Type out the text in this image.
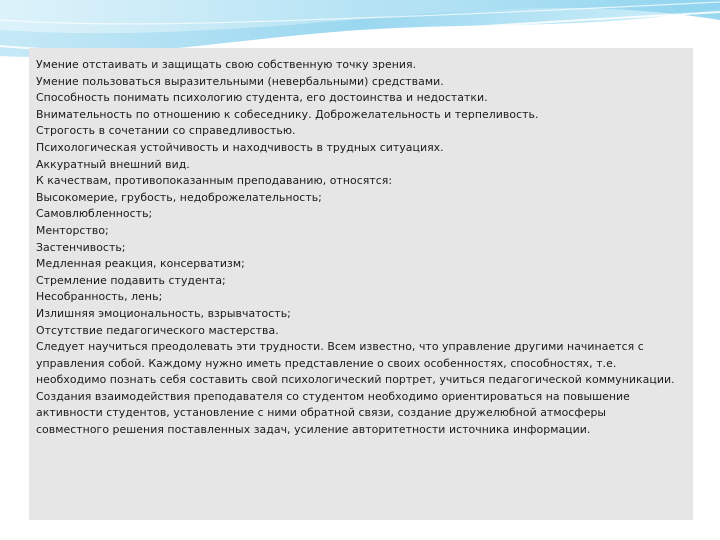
Умение отстаивать и защищать свою собственную точку зрения.
Умение пользоваться выразительными (невербальными) средствами.
Способность понимать психологию студента, его достоинства и недостатки.
Внимательность по отношению к собеседнику. Доброжелательность и терпеливость.
Строгость в сочетании со справедливостью.
Психологическая устойчивость и находчивость в трудных ситуациях.
Аккуратный внешний вид.
К качествам, противопоказанным преподаванию, относятся:
Высокомерие, грубость, недоброжелательность;
Самовлюбленность;
Менторство;
Застенчивость;
Медленная реакция, консерватизм;
Стремление подавить студента;
Несобранность, лень;
Излишняя эмоциональность, взрывчатость;
Отсутствие педагогического мастерства.
Следует научиться преодолевать эти трудности. Всем известно, что управление другими начинается с
управления собой. Каждому нужно иметь представление о своих особенностях, способностях, т.е.
необходимо познать себя составить свой психологический портрет, учиться педагогической коммуникации.
Создания взаимодействия преподавателя со студентом необходимо ориентироваться на повышение
активности студентов, установление с ними обратной связи, создание дружелюбной атмосферы
совместного решения поставленных задач, усиление авторитетности источника информации.
